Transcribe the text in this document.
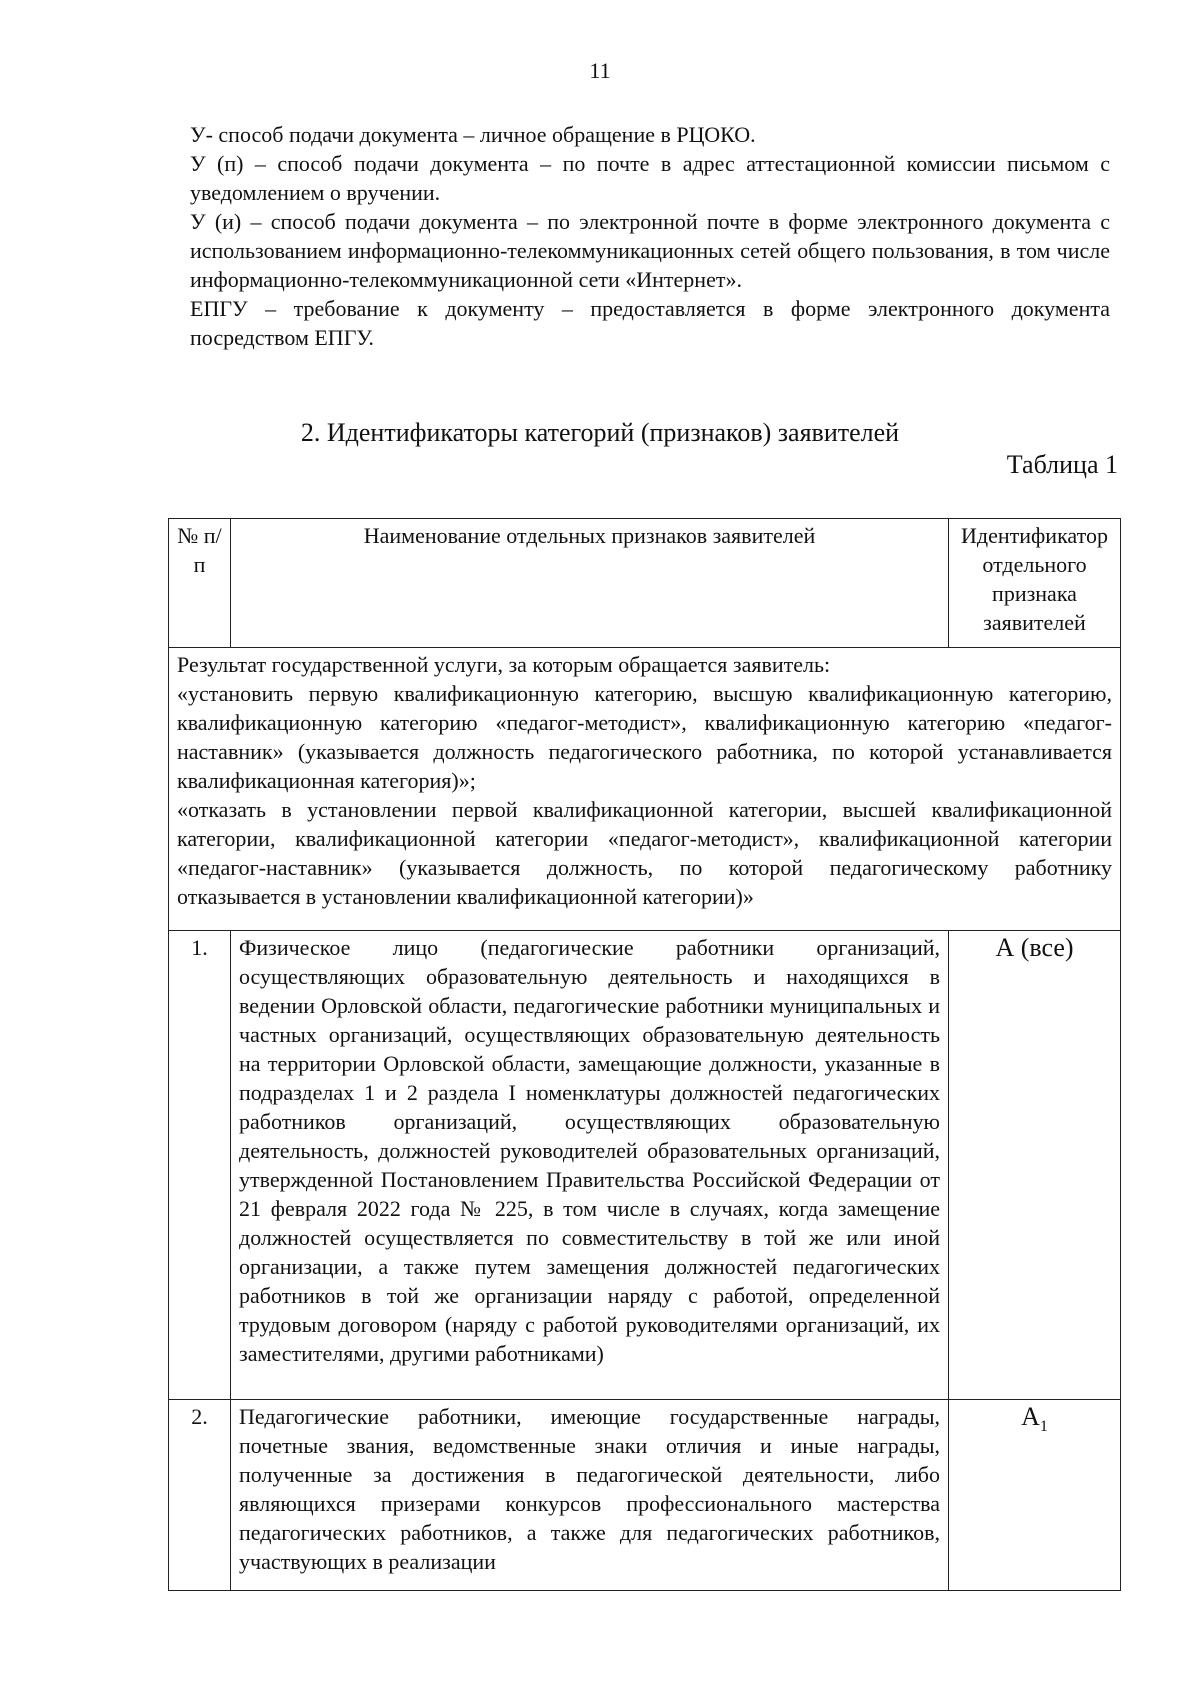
11

У- способ подачи документа – личное обращение в РЦОКО.

У (п) – способ подачи документа – по почте в адрес аттестационной комиссии письмом с уведомлением о вручении.

У (и) – способ подачи документа – по электронной почте в форме электронного документа с использованием информационно-телекоммуникационных сетей общего пользования, в том числе информационно-телекоммуникационной сети «Интернет».

ЕПГУ – требование к документу – предоставляется в форме электронного документа посредством ЕПГУ.

2. Идентификаторы категорий (признаков) заявителей
Таблица 1
№ п/п	Наименование отдельных признаков заявителей	Идентификатор отдельного признака заявителей

Результат государственной услуги, за которым обращается заявитель:

«установить первую квалификационную категорию, высшую квалификационную категорию, квалификационную категорию «педагог-методист», квалификационную категорию «педагог-наставник» (указывается должность педагогического работника, по которой устанавливается квалификационная категория)»;

«отказать в установлении первой квалификационной категории, высшей квалификационной категории, квалификационной категории «педагог-методист», квалификационной категории «педагог-наставник» (указывается должность, по которой педагогическому работнику отказывается в установлении квалификационной категории)»		

1.	Физическое лицо (педагогические работники организаций, осуществляющих образовательную деятельность и находящихся в ведении Орловской области, педагогические работники муниципальных и частных организаций, осуществляющих образовательную деятельность на территории Орловской области, замещающие должности, указанные в подразделах 1 и 2 раздела I номенклатуры должностей педагогических работников организаций, осуществляющих образовательную деятельность, должностей руководителей образовательных организаций, утвержденной Постановлением Правительства Российской Федерации от 21 февраля 2022 года № 225, в том числе в случаях, когда замещение должностей осуществляется по совместительству в той же или иной организации, а также путем замещения должностей педагогических работников в той же организации наряду с работой, определенной трудовым договором (наряду с работой руководителями организаций, их заместителями, другими работниками)	А (все)
2.	Педагогические работники, имеющие государственные награды, почетные звания, ведомственные знаки отличия и иные награды, полученные за достижения в педагогической деятельности, либо являющихся призерами конкурсов профессионального мастерства педагогических работников, а также для педагогических работников, участвующих в реализации	$А_1$
